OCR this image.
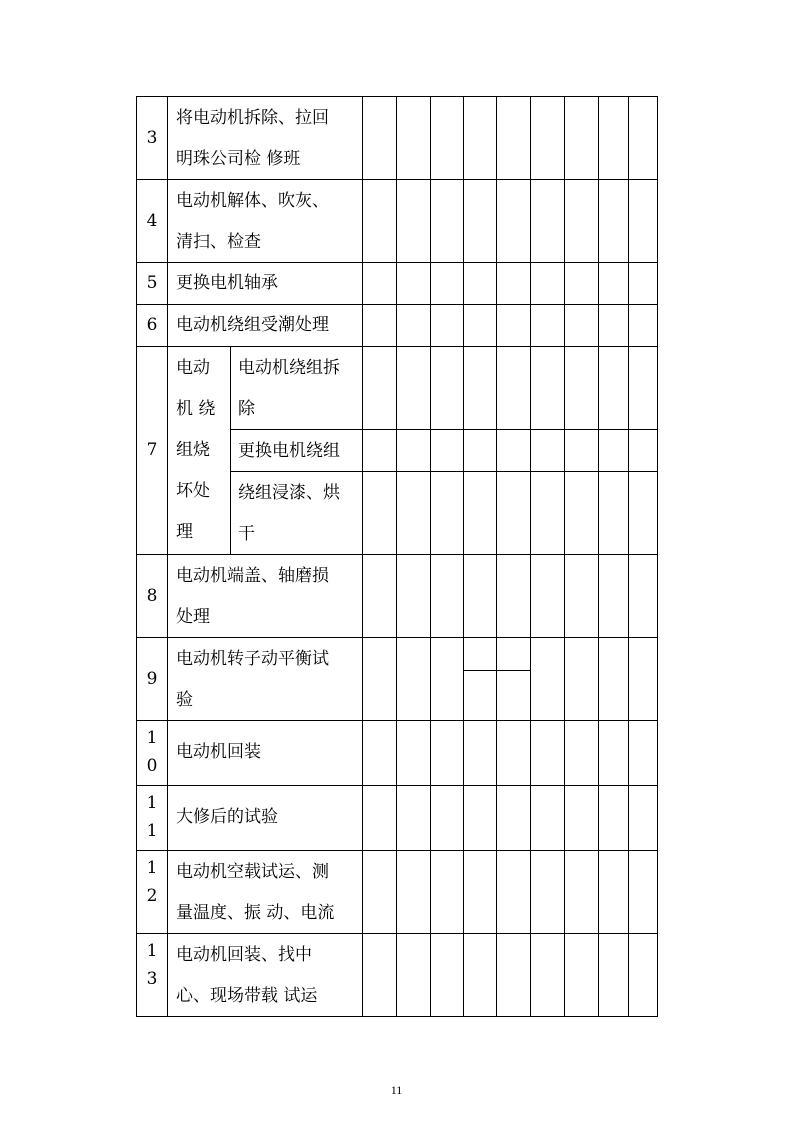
3
将电动机拆除、拉回
明珠公司检 修班
4
电动机解体、吹灰、
清扫、检查
5	更换电机轴承
6	电动机绕组受潮处理
7
电动
机 绕
组烧
坏处
理
电动机绕组拆
除
更换电机绕组
绕组浸漆、烘
干
8
电动机端盖、轴磨损
处理
9
电动机转子动平衡试
验
1
0
电动机回装
1
1
大修后的试验
1
2
电动机空载试运、测
量温度、振 动、电流
1
3
电动机回装、找中
心、现场带载 试运
11
